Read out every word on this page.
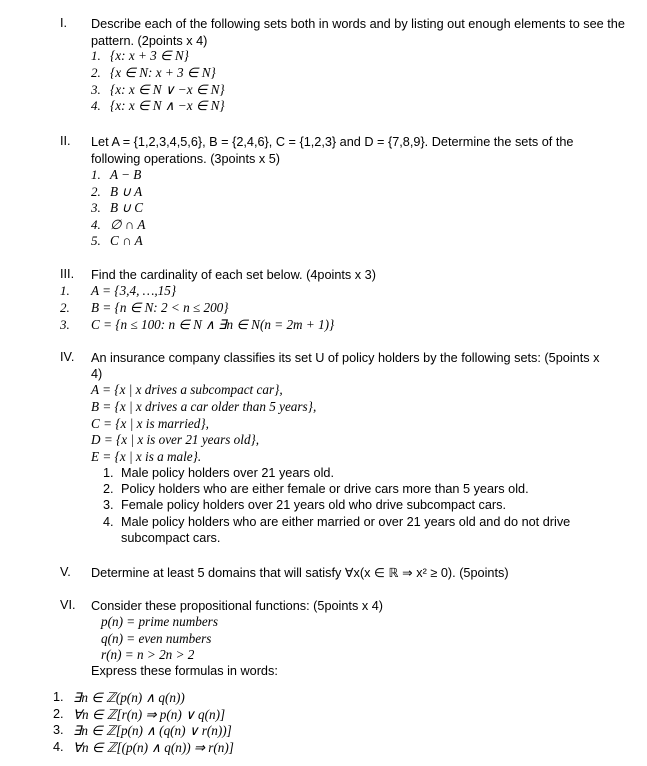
I. Describe each of the following sets both in words and by listing out enough elements to see the pattern. (2points x 4)
1. {x: x + 3 ∈ N}
2. {x ∈ N: x + 3 ∈ N}
3. {x: x ∈ N ∨ −x ∈ N}
4. {x: x ∈ N ∧ −x ∈ N}
II. Let A = {1,2,3,4,5,6}, B = {2,4,6}, C = {1,2,3} and D = {7,8,9}. Determine the sets of the
following operations. (3points x 5)
1. A − B
2. B ∪ A
3. B ∪ C
4. ∅ ∩ A
5. C ∩ A
III. Find the cardinality of each set below. (4points x 3)
1. A = {3,4, …,15}
2. B = {n ∈ N: 2 < n ≤ 200}
3. C = {n ≤ 100: n ∈ N ∧ ∃n ∈ N(n = 2m + 1)}
IV. An insurance company classifies its set U of policy holders by the following sets: (5points x
4)
A = {x | x drives a subcompact car},
B = {x | x drives a car older than 5 years},
C = {x | x is married},
D = {x | x is over 21 years old},
E = {x | x is a male}.
1. Male policy holders over 21 years old.
2. Policy holders who are either female or drive cars more than 5 years old.
3. Female policy holders over 21 years old who drive subcompact cars.
4. Male policy holders who are either married or over 21 years old and do not drive
subcompact cars.
V. Determine at least 5 domains that will satisfy ∀x(x ∈ ℝ ⇒ x² ≥ 0). (5points)
VI. Consider these propositional functions: (5points x 4)
p(n) = prime numbers
q(n) = even numbers
r(n) = n > 2n > 2
Express these formulas in words:
1. ∃n ∈ ℤ(p(n) ∧ q(n))
2. ∀n ∈ ℤ[r(n) ⇒ p(n) ∨ q(n)]
3. ∃n ∈ ℤ[p(n) ∧ (q(n) ∨ r(n))]
4. ∀n ∈ ℤ[(p(n) ∧ q(n)) ⇒ r(n)]
